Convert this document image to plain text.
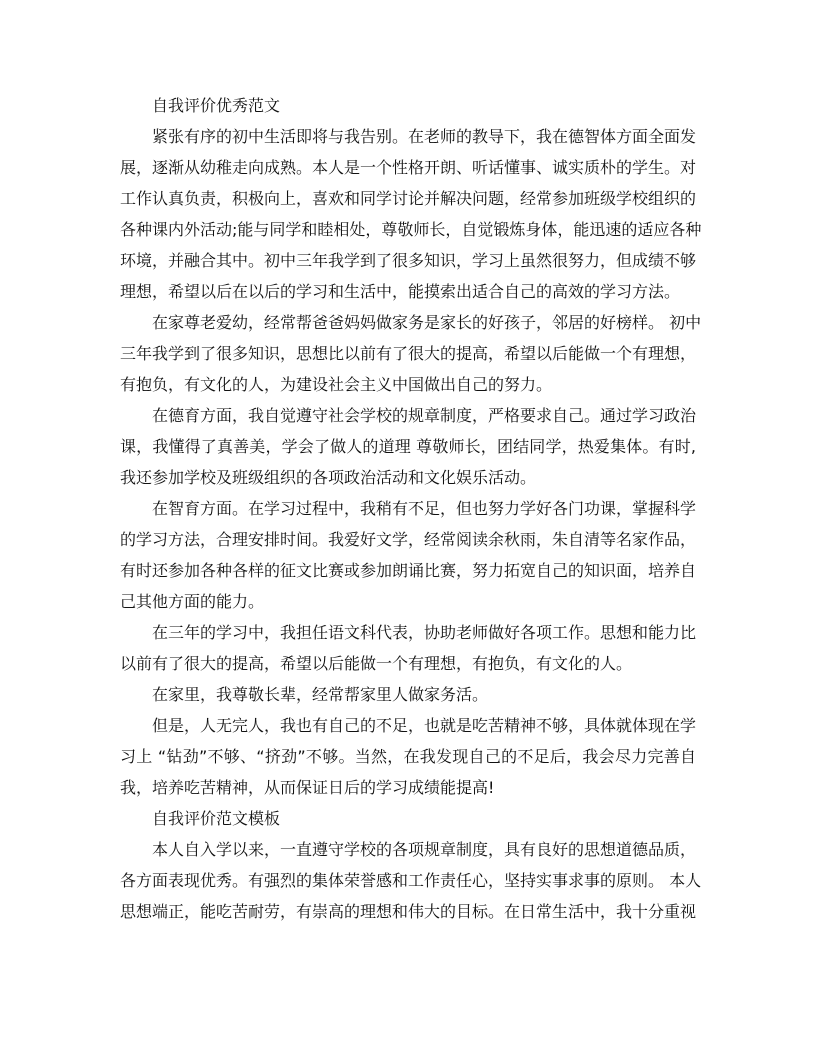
自我评价优秀范文
紧张有序的初中生活即将与我告别。在老师的教导下，我在德智体方面全面发
展，逐渐从幼稚走向成熟。本人是一个性格开朗、听话懂事、诚实质朴的学生。对
工作认真负责，积极向上，喜欢和同学讨论并解决问题，经常参加班级学校组织的
各种课内外活动;能与同学和睦相处，尊敬师长，自觉锻炼身体，能迅速的适应各种
环境，并融合其中。初中三年我学到了很多知识，学习上虽然很努力，但成绩不够
理想，希望以后在以后的学习和生活中，能摸索出适合自己的高效的学习方法。
在家尊老爱幼，经常帮爸爸妈妈做家务是家长的好孩子，邻居的好榜样。 初中
三年我学到了很多知识，思想比以前有了很大的提高，希望以后能做一个有理想，
有抱负，有文化的人，为建设社会主义中国做出自己的努力。
在德育方面，我自觉遵守社会学校的规章制度，严格要求自己。通过学习政治
课，我懂得了真善美，学会了做人的道理 尊敬师长，团结同学，热爱集体。有时,
我还参加学校及班级组织的各项政治活动和文化娱乐活动。
在智育方面。在学习过程中，我稍有不足，但也努力学好各门功课，掌握科学
的学习方法，合理安排时间。我爱好文学，经常阅读余秋雨，朱自清等名家作品，
有时还参加各种各样的征文比赛或参加朗诵比赛，努力拓宽自己的知识面，培养自
己其他方面的能力。
在三年的学习中，我担任语文科代表，协助老师做好各项工作。思想和能力比
以前有了很大的提高，希望以后能做一个有理想，有抱负，有文化的人。
在家里，我尊敬长辈，经常帮家里人做家务活。
但是，人无完人，我也有自己的不足，也就是吃苦精神不够，具体就体现在学
习上 “钻劲”不够、“挤劲”不够。当然，在我发现自己的不足后，我会尽力完善自
我，培养吃苦精神，从而保证日后的学习成绩能提高!
自我评价范文模板
本人自入学以来，一直遵守学校的各项规章制度，具有良好的思想道德品质，
各方面表现优秀。有强烈的集体荣誉感和工作责任心，坚持实事求事的原则。 本人
思想端正，能吃苦耐劳，有崇高的理想和伟大的目标。在日常生活中，我十分重视
